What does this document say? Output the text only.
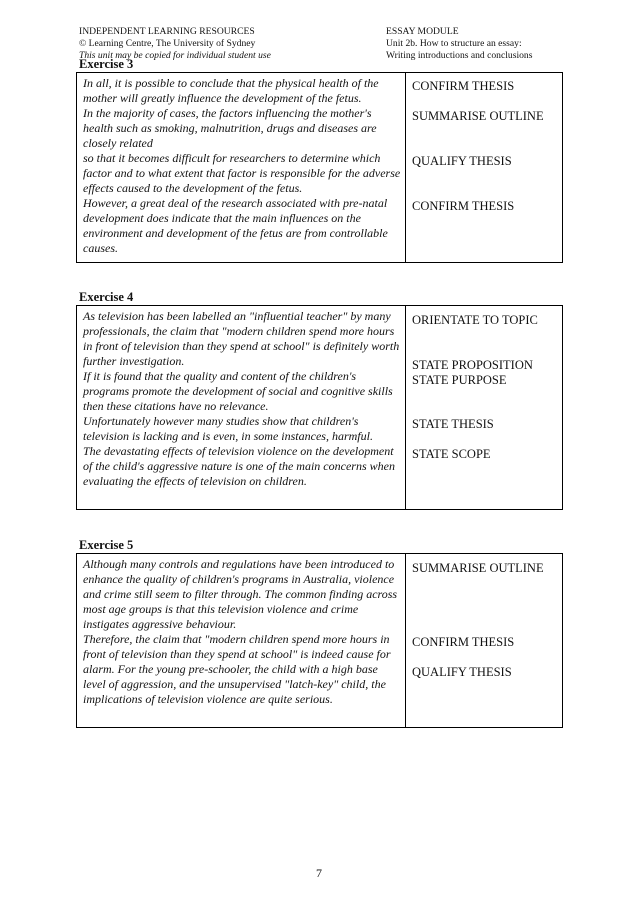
INDEPENDENT LEARNING RESOURCES
© Learning Centre, The University of Sydney
This unit may be copied for individual student use
ESSAY MODULE
Unit 2b. How to structure an essay:
Writing introductions and conclusions
Exercise 3
In all, it is possible to conclude that the physical health of the mother will greatly influence the development of the fetus.
In the majority of cases, the factors influencing the mother's health such as smoking, malnutrition, drugs and diseases are closely related
so that it becomes difficult for researchers to determine which factor and to what extent that factor is responsible for the adverse effects caused to the development of the fetus.
However, a great deal of the research associated with pre-natal development does indicate that the main influences on the environment and development of the fetus are from controllable causes.
CONFIRM THESIS
SUMMARISE OUTLINE
QUALIFY THESIS
CONFIRM THESIS
Exercise 4
As television has been labelled an "influential teacher" by many professionals, the claim that "modern children spend more hours in front of television than they spend at school" is definitely worth further investigation.
If it is found that the quality and content of the children's programs promote the development of social and cognitive skills then these citations have no relevance.
Unfortunately however many studies show that children's television is lacking and is even, in some instances, harmful.
The devastating effects of television violence on the development of the child's aggressive nature is one of the main concerns when evaluating the effects of television on children.
ORIENTATE TO TOPIC
STATE PROPOSITION
STATE PURPOSE
STATE THESIS
STATE SCOPE
Exercise 5
Although many controls and regulations have been introduced to enhance the quality of children's programs in Australia, violence and crime still seem to filter through. The common finding across most age groups is that this television violence and crime instigates aggressive behaviour.
Therefore, the claim that "modern children spend more hours in front of television than they spend at school" is indeed cause for alarm. For the young pre-schooler, the child with a high base level of aggression, and the unsupervised "latch-key" child, the implications of television violence are quite serious.
SUMMARISE OUTLINE
CONFIRM THESIS
QUALIFY THESIS
7
